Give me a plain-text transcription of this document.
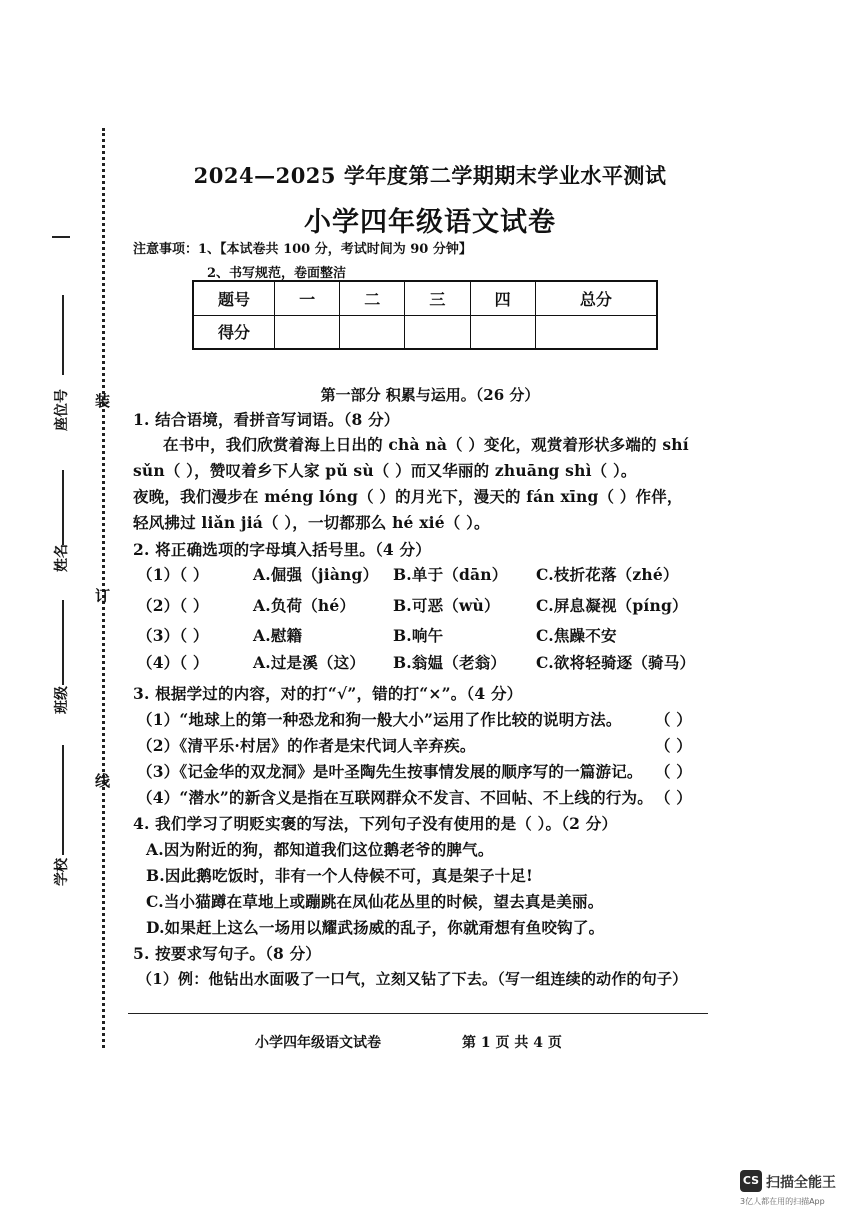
装
订
线
座位号
姓名
班级
学校
2024—2025 学年度第二学期期末学业水平测试
小学四年级语文试卷
注意事项：1、【本试卷共 100 分，考试时间为 90 分钟】
2、书写规范，卷面整洁
题号	一	二	三	四	总分
得分					
第一部分 积累与运用。（26 分）
1. 结合语境，看拼音写词语。（8 分）
在书中，我们欣赏着海上日出的 chà nà（ ）变化，观赏着形状多端的 shí
sǔn（ ），赞叹着乡下人家 pǔ sù（ ）而又华丽的 zhuāng shì（ ）。
夜晚，我们漫步在 méng lóng（ ）的月光下，漫天的 fán xīng（ ）作伴，
轻风拂过 liǎn jiá（ ），一切都那么 hé xié（ ）。
2. 将正确选项的字母填入括号里。（4 分）
（1）（ ）	A.倔强（jiàng） B.单于（dān） C.枝折花落（zhé）
（2）（ ）	A.负荷（hé） B.可恶（wù） C.屏息凝视（píng）
（3）（ ）	A.慰籍	B.响午	C.焦躁不安
（4）（ ）	A.过是溪（这） B.翁媪（老翁） C.欲将轻骑逐（骑马）
3. 根据学过的内容，对的打“√”，错的打“×”。（4 分）
（1）“地球上的第一种恐龙和狗一般大小”运用了作比较的说明方法。 （ ）
（2）《清平乐·村居》的作者是宋代词人辛弃疾。	（ ）
（3）《记金华的双龙洞》是叶圣陶先生按事情发展的顺序写的一篇游记。 （ ）
（4）“潜水”的新含义是指在互联网群众不发言、不回帖、不上线的行为。 （ ）
4. 我们学习了明贬实褒的写法，下列句子没有使用的是（ ）。（2 分）
A.因为附近的狗，都知道我们这位鹅老爷的脾气。
B.因此鹅吃饭时，非有一个人侍候不可，真是架子十足!
C.当小猫蹲在草地上或蹦跳在凤仙花丛里的时候，望去真是美丽。
D.如果赶上这么一场用以耀武扬威的乱子，你就甭想有鱼咬钩了。
5. 按要求写句子。（8 分）
（1）例：他钻出水面吸了一口气，立刻又钻了下去。（写一组连续的动作的句子）
小学四年级语文试卷	第 1 页 共 4 页
CS 扫描全能王
3亿人都在用的扫描App
